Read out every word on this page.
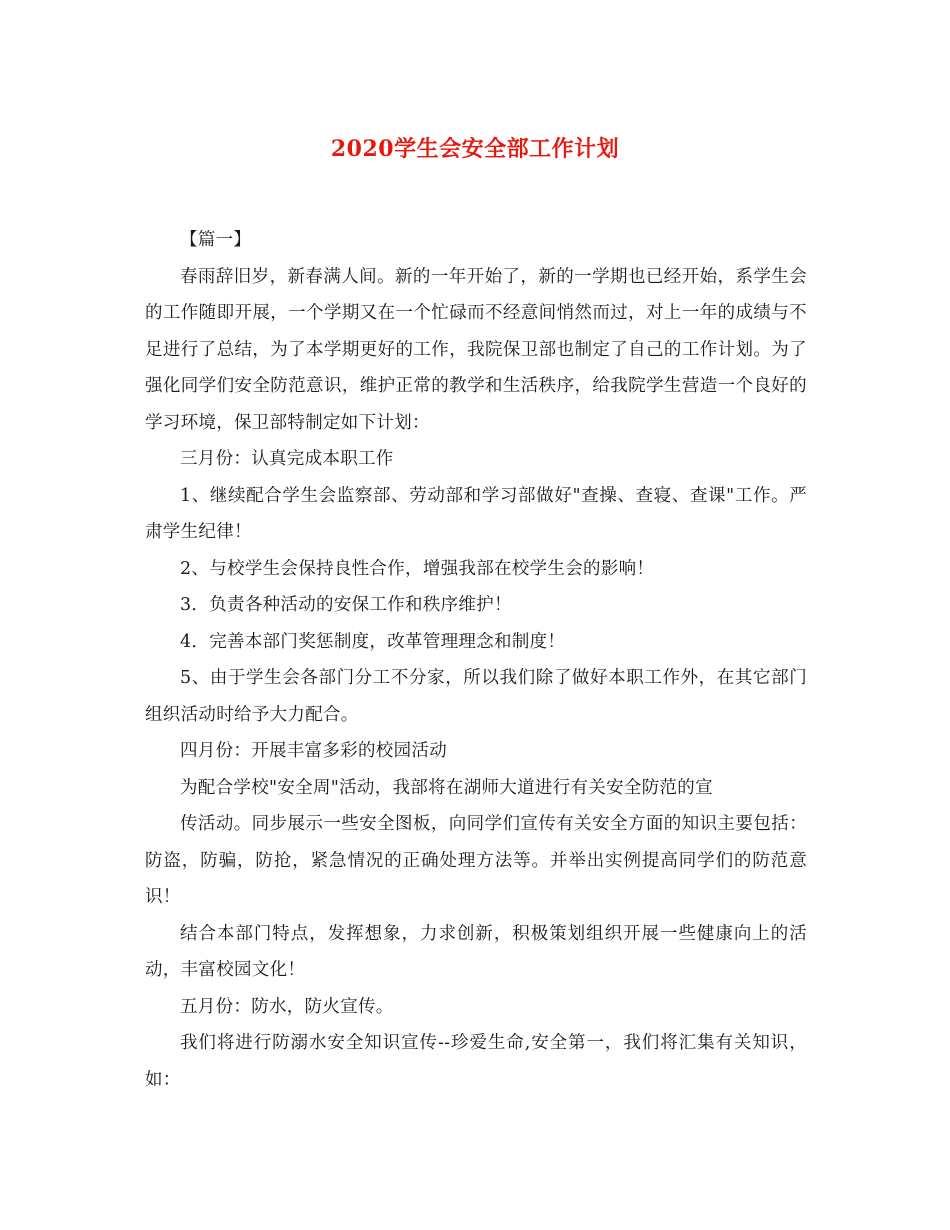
2020学生会安全部工作计划

【篇一】

春雨辞旧岁，新春满人间。新的一年开始了，新的一学期也已经开始，系学生会的工作随即开展，一个学期又在一个忙碌而不经意间悄然而过，对上一年的成绩与不足进行了总结，为了本学期更好的工作，我院保卫部也制定了自己的工作计划。为了强化同学们安全防范意识，维护正常的教学和生活秩序，给我院学生营造一个良好的学习环境，保卫部特制定如下计划：

三月份：认真完成本职工作

1、继续配合学生会监察部、劳动部和学习部做好"查操、查寝、查课"工作。严肃学生纪律！

2、与校学生会保持良性合作，增强我部在校学生会的影响！

3．负责各种活动的安保工作和秩序维护！

4．完善本部门奖惩制度，改革管理理念和制度！

5、由于学生会各部门分工不分家，所以我们除了做好本职工作外，在其它部门组织活动时给予大力配合。

四月份：开展丰富多彩的校园活动

为配合学校"安全周"活动，我部将在湖师大道进行有关安全防范的宣

传活动。同步展示一些安全图板，向同学们宣传有关安全方面的知识主要包括：防盗，防骗，防抢，紧急情况的正确处理方法等。并举出实例提高同学们的防范意识！

结合本部门特点，发挥想象，力求创新，积极策划组织开展一些健康向上的活动，丰富校园文化！

五月份：防水，防火宣传。

我们将进行防溺水安全知识宣传--珍爱生命,安全第一，我们将汇集有关知识，如：
